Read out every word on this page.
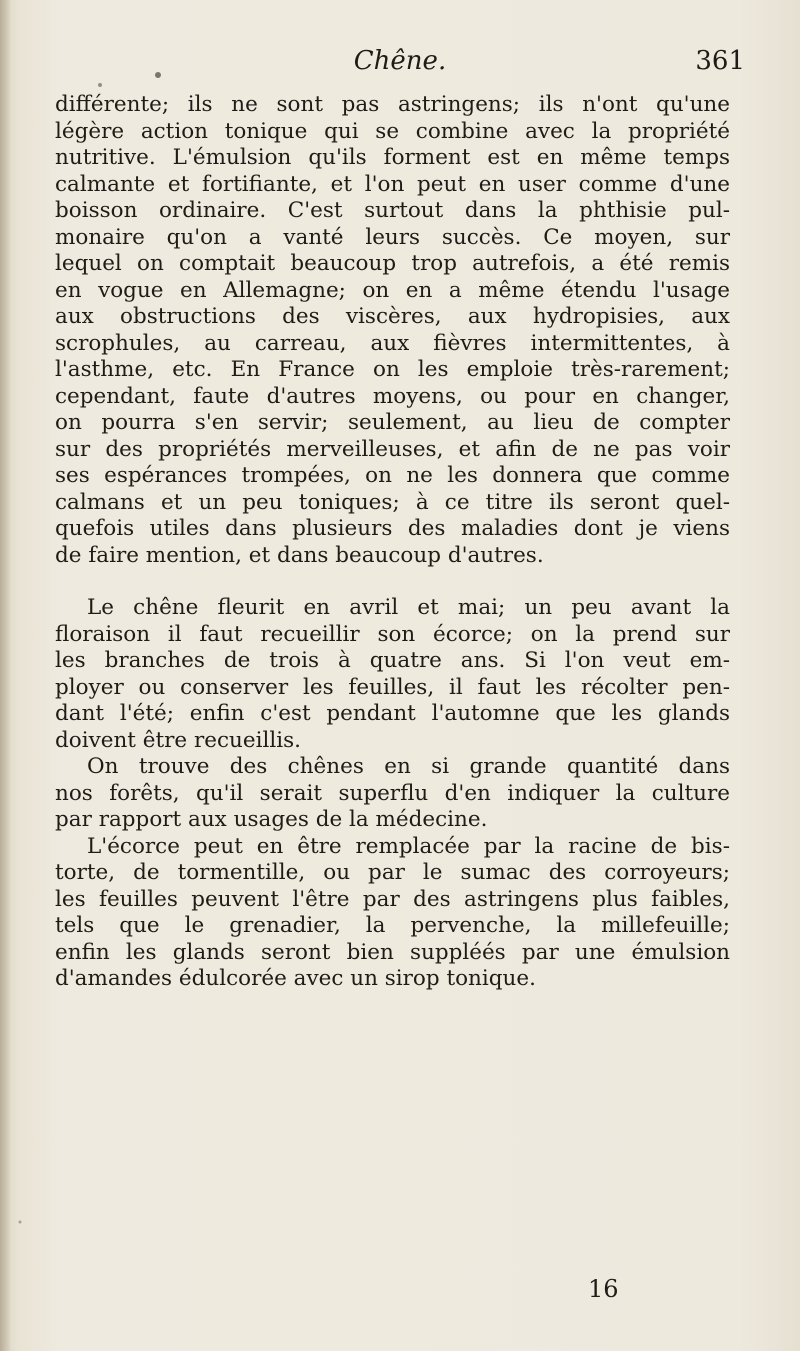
Chêne.	361
différente; ils ne sont pas astringens; ils n'ont qu'une
légère action tonique qui se combine avec la propriété
nutritive. L'émulsion qu'ils forment est en même temps
calmante et fortifiante, et l'on peut en user comme d'une
boisson ordinaire. C'est surtout dans la phthisie pul-
monaire qu'on a vanté leurs succès. Ce moyen, sur
lequel on comptait beaucoup trop autrefois, a été remis
en vogue en Allemagne; on en a même étendu l'usage
aux obstructions des viscères, aux hydropisies, aux
scrophules, au carreau, aux fièvres intermittentes, à
l'asthme, etc. En France on les emploie très-rarement;
cependant, faute d'autres moyens, ou pour en changer,
on pourra s'en servir; seulement, au lieu de compter
sur des propriétés merveilleuses, et afin de ne pas voir
ses espérances trompées, on ne les donnera que comme
calmans et un peu toniques; à ce titre ils seront quel-
quefois utiles dans plusieurs des maladies dont je viens
de faire mention, et dans beaucoup d'autres.
Le chêne fleurit en avril et mai; un peu avant la
floraison il faut recueillir son écorce; on la prend sur
les branches de trois à quatre ans. Si l'on veut em-
ployer ou conserver les feuilles, il faut les récolter pen-
dant l'été; enfin c'est pendant l'automne que les glands
doivent être recueillis.
On trouve des chênes en si grande quantité dans
nos forêts, qu'il serait superflu d'en indiquer la culture
par rapport aux usages de la médecine.
L'écorce peut en être remplacée par la racine de bis-
torte, de tormentille, ou par le sumac des corroyeurs;
les feuilles peuvent l'être par des astringens plus faibles,
tels que le grenadier, la pervenche, la millefeuille;
enfin les glands seront bien suppléés par une émulsion
d'amandes édulcorée avec un sirop tonique.
16
